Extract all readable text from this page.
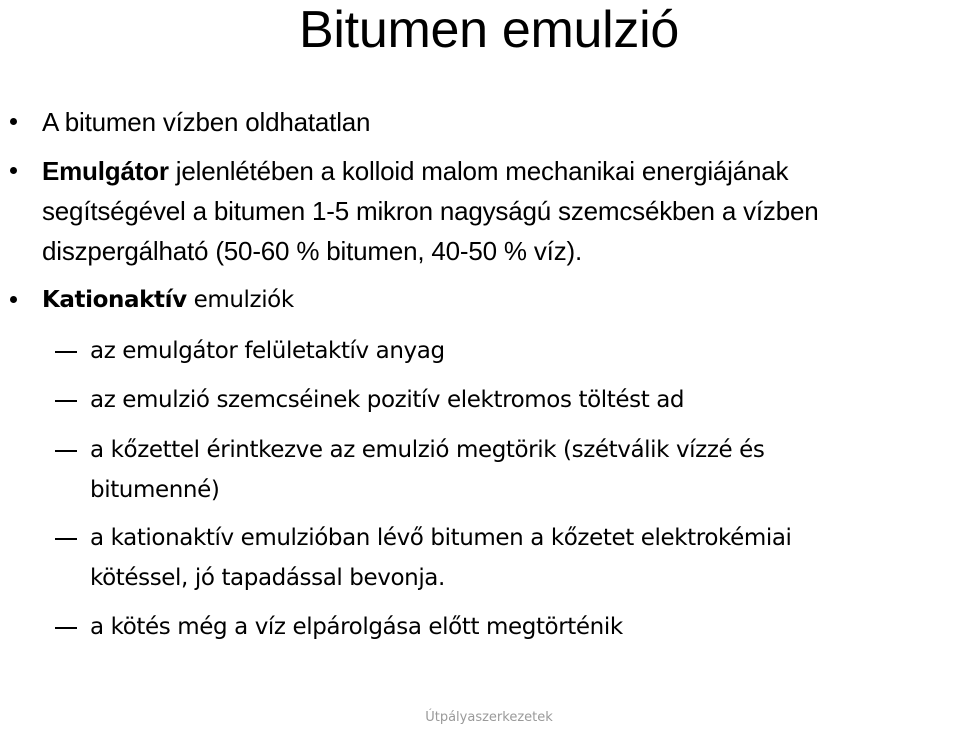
Bitumen emulzió
A bitumen vízben oldhatatlan
Emulgátor jelenlétében a kolloid malom mechanikai energiájának
segítségével a bitumen 1-5 mikron nagyságú szemcsékben a vízben
diszpergálható (50-60 % bitumen, 40-50 % víz).
Kationaktív emulziók
az emulgátor felületaktív anyag
az emulzió szemcséinek pozitív elektromos töltést ad
a kőzettel érintkezve az emulzió megtörik (szétválik vízzé és
bitumenné)
a kationaktív emulzióban lévő bitumen a kőzetet elektrokémiai
kötéssel, jó tapadással bevonja.
a kötés még a víz elpárolgása előtt megtörténik
Útpályaszerkezetek
